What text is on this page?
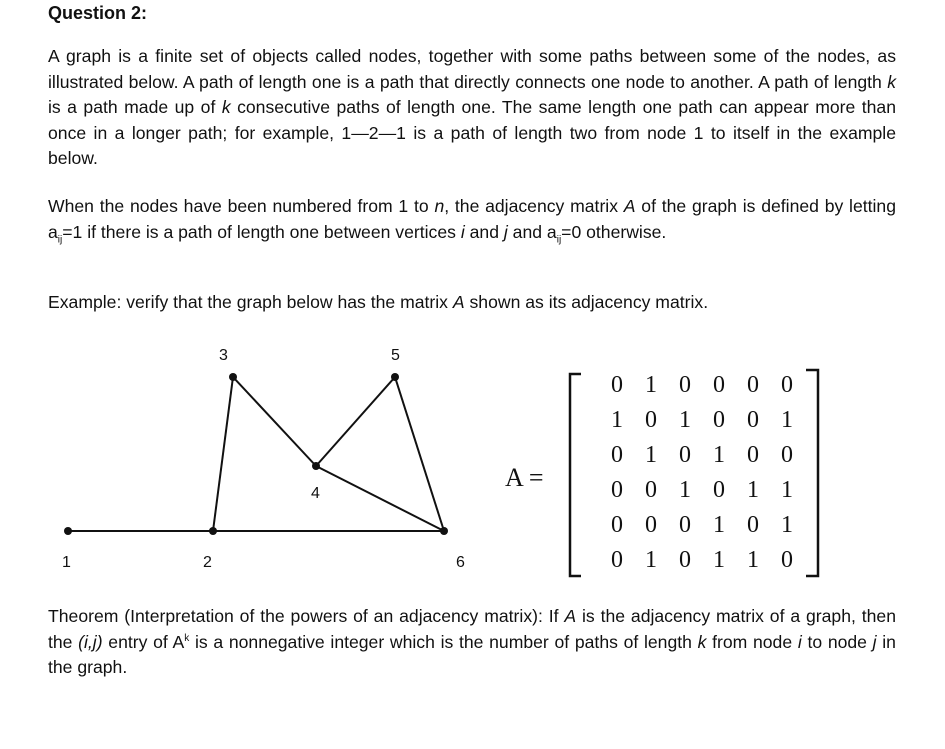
Question 2:

A graph is a finite set of objects called nodes, together with some paths between some of the nodes, as illustrated below. A path of length one is a path that directly connects one node to another. A path of length k is a path made up of k consecutive paths of length one. The same length one path can appear more than once in a longer path; for example, 1—2—1 is a path of length two from node 1 to itself in the example below.

When the nodes have been numbered from 1 to n, the adjacency matrix A of the graph is defined by letting $a_{ij}=1$ if there is a path of length one between vertices i and j and $a_{ij}=0$ otherwise.

Example: verify that the graph below has the matrix A shown as its adjacency matrix.

1	2
3
4
5
6
A =
0 1 0 0 0 0
1 0 1 0 0 1
0 1 0 1 0 0
0 0 1 0 1 1
0 0 0 1 0 1
0 1 0 1 1 0

Theorem (Interpretation of the powers of an adjacency matrix): If A is the adjacency matrix of a graph, then the (i,j) entry of $A^k$ is a nonnegative integer which is the number of paths of length k from node i to node j in the graph.
